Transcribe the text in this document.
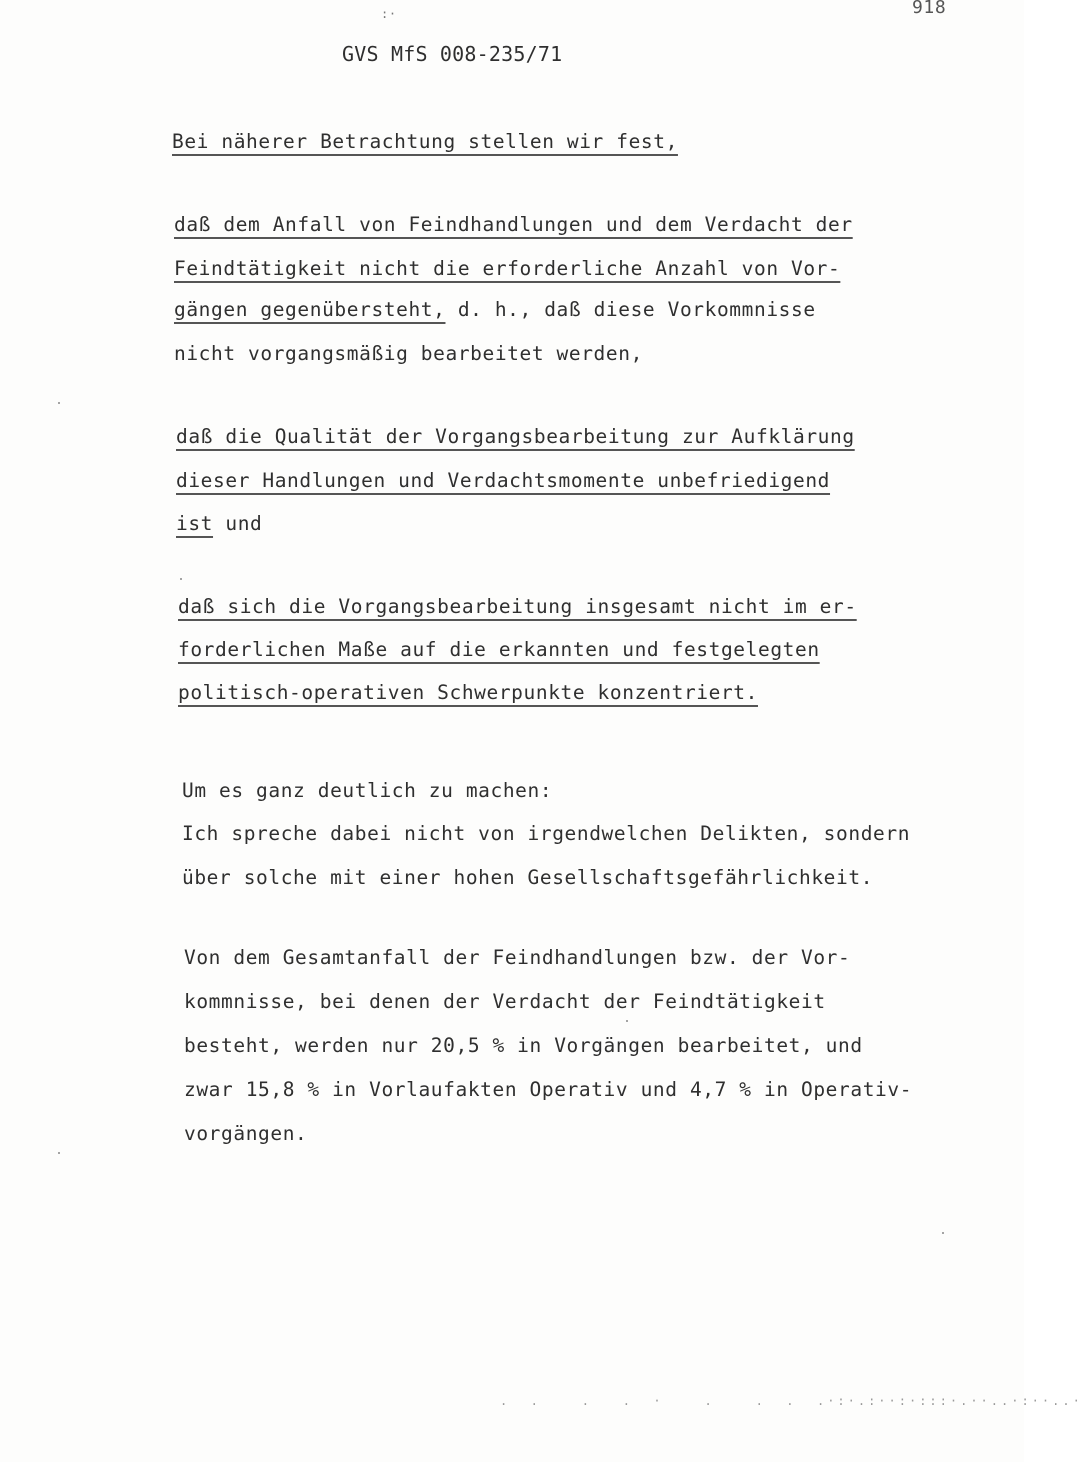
:·	918
GVS MfS 008-235/71
Bei näherer Betrachtung stellen wir fest,
daß dem Anfall von Feindhandlungen und dem Verdacht der
Feindtätigkeit nicht die erforderliche Anzahl von Vor-
gängen gegenübersteht, d. h., daß diese Vorkommnisse
nicht vorgangsmäßig bearbeitet werden,
daß die Qualität der Vorgangsbearbeitung zur Aufklärung
dieser Handlungen und Verdachtsmomente unbefriedigend
ist und
daß sich die Vorgangsbearbeitung insgesamt nicht im er-
forderlichen Maße auf die erkannten und festgelegten
politisch-operativen Schwerpunkte konzentriert.
Um es ganz deutlich zu machen:
Ich spreche dabei nicht von irgendwelchen Delikten, sondern
über solche mit einer hohen Gesellschaftsgefährlichkeit.
Von dem Gesamtanfall der Feindhandlungen bzw. der Vor-
kommnisse, bei denen der Verdacht der Feindtätigkeit
besteht, werden nur 20,5 % in Vorgängen bearbeitet, und
zwar 15,8 % in Vorlaufakten Operativ und 4,7 % in Operativ-
vorgängen.
.  .    .   .  ·    .    .  .  .·:·.:··:·:::·.··..·:··..·
